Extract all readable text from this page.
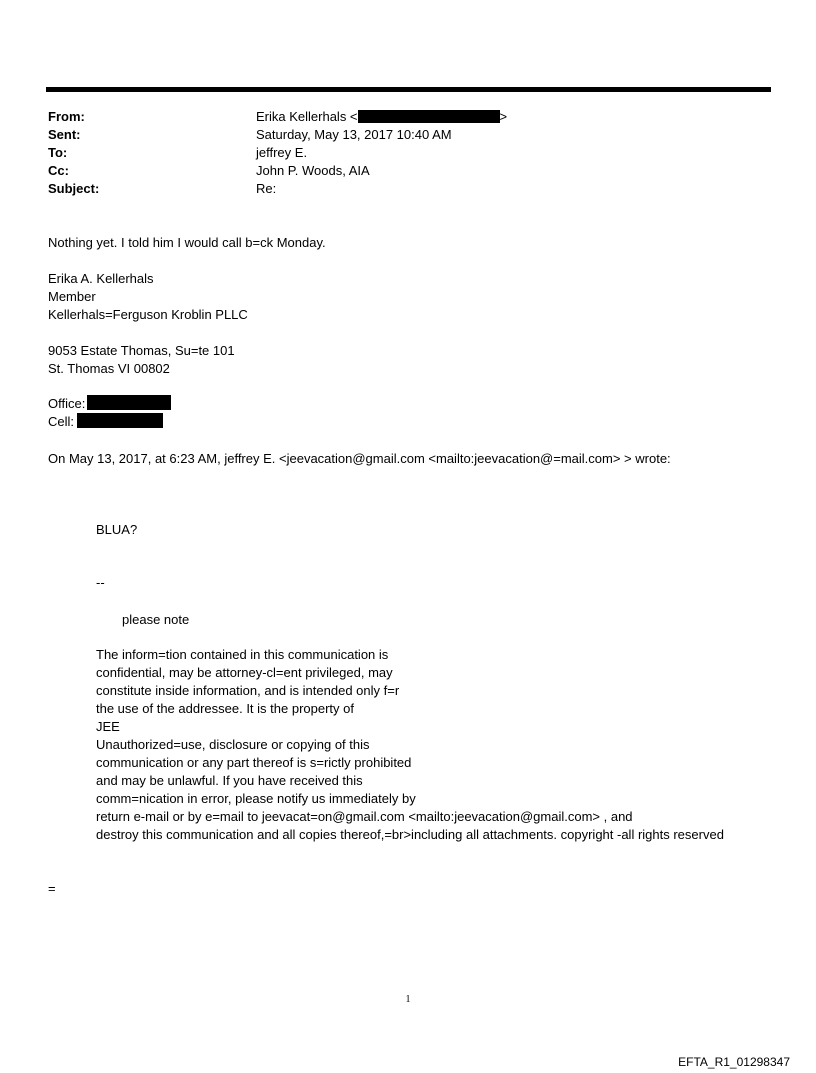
From:	Erika Kellerhals <	>
Sent:	Saturday, May 13, 2017 10:40 AM
To:	jeffrey E.
Cc:	John P. Woods, AIA
Subject:	Re:
Nothing yet. I told him I would call b=ck Monday.
Erika A. Kellerhals
Member
Kellerhals=Ferguson Kroblin PLLC
9053 Estate Thomas, Su=te 101
St. Thomas VI 00802
Office:
Cell:
On May 13, 2017, at 6:23 AM, jeffrey E. <jeevacation@gmail.com <mailto:jeevacation@=mail.com> > wrote:
BLUA?
--
please note
The inform=tion contained in this communication is
confidential, may be attorney-cl=ent privileged, may
constitute inside information, and is intended only f=r
the use of the addressee. It is the property of
JEE
Unauthorized=use, disclosure or copying of this
communication or any part thereof is s=rictly prohibited
and may be unlawful. If you have received this
comm=nication in error, please notify us immediately by
return e-mail or by e=mail to jeevacat=on@gmail.com <mailto:jeevacation@gmail.com> , and
destroy this communication and all copies thereof,=br>including all attachments. copyright -all rights reserved
=
1
EFTA_R1_01298347
